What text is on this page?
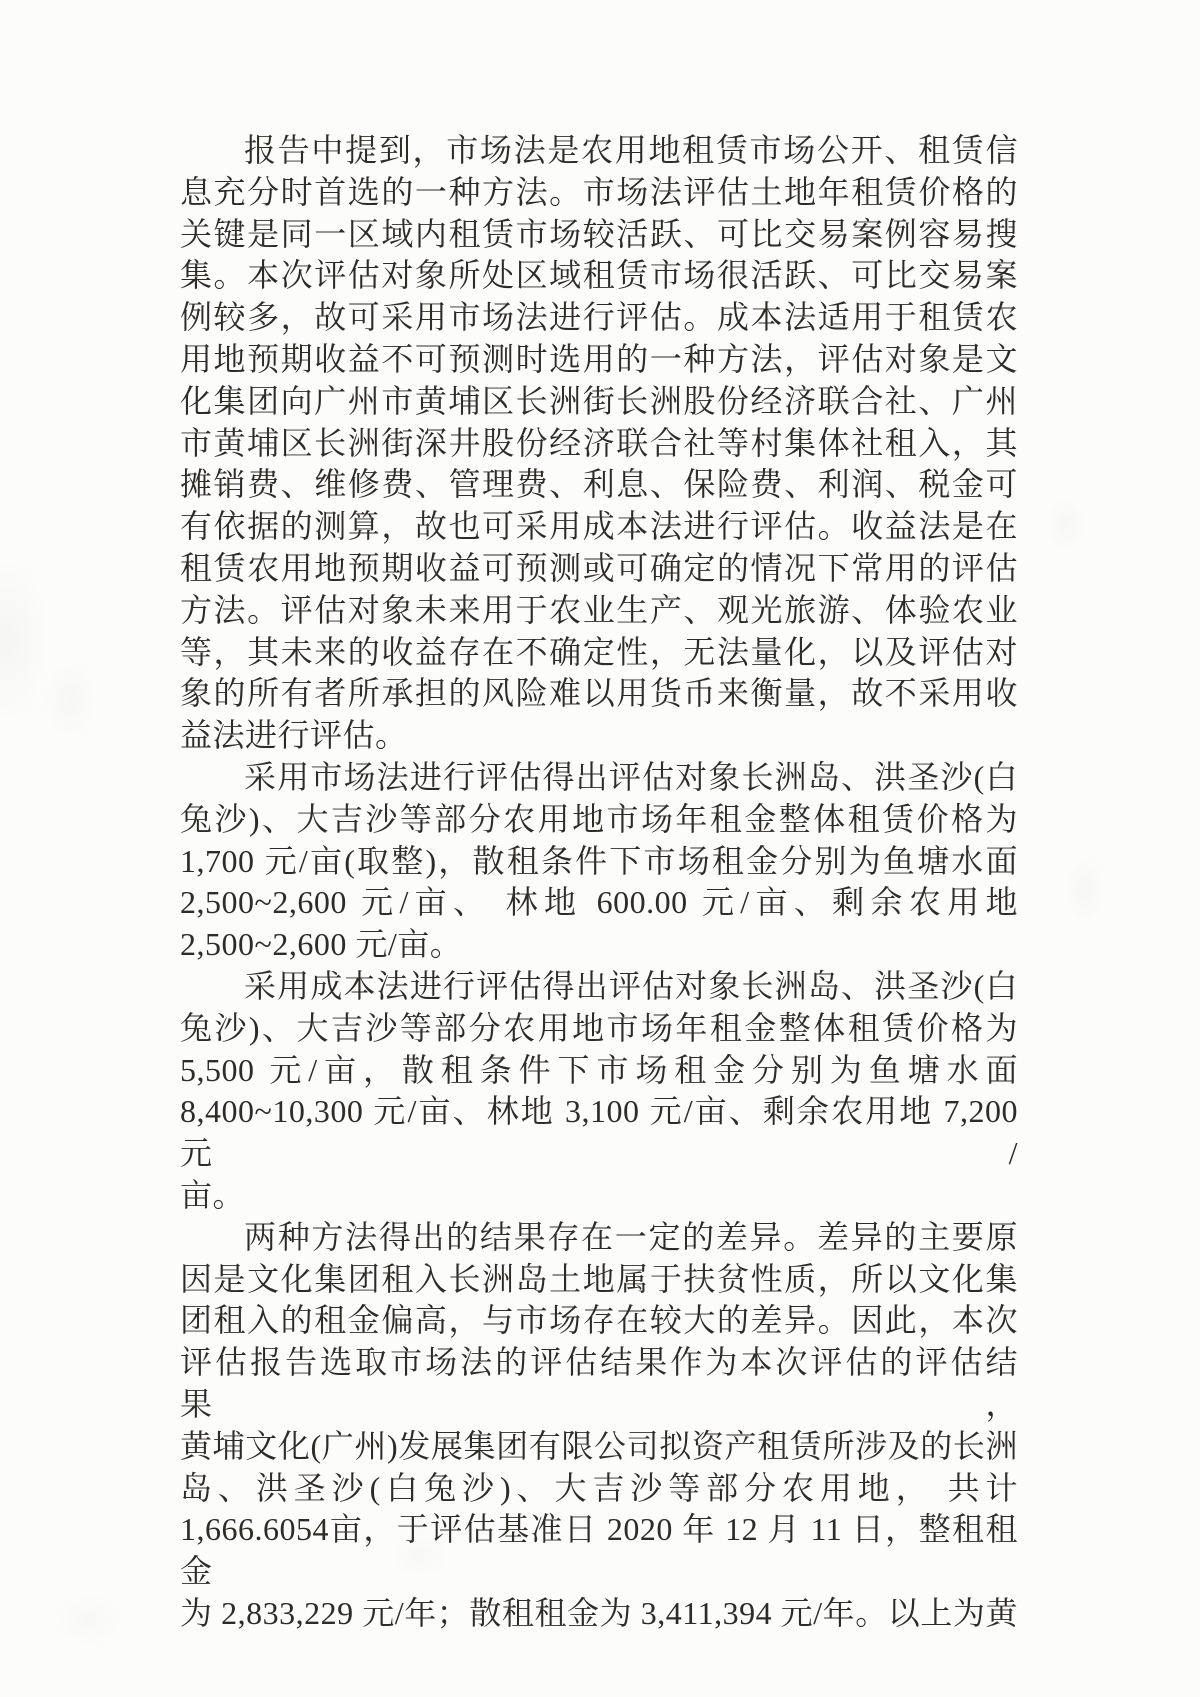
报告中提到，市场法是农用地租赁市场公开、租赁信
息充分时首选的一种方法。市场法评估土地年租赁价格的
关键是同一区域内租赁市场较活跃、可比交易案例容易搜
集。本次评估对象所处区域租赁市场很活跃、可比交易案
例较多，故可采用市场法进行评估。成本法适用于租赁农
用地预期收益不可预测时选用的一种方法，评估对象是文
化集团向广州市黄埔区长洲街长洲股份经济联合社、广州
市黄埔区长洲街深井股份经济联合社等村集体社租入，其
摊销费、维修费、管理费、利息、保险费、利润、税金可
有依据的测算，故也可采用成本法进行评估。收益法是在
租赁农用地预期收益可预测或可确定的情况下常用的评估
方法。评估对象未来用于农业生产、观光旅游、体验农业
等，其未来的收益存在不确定性，无法量化，以及评估对
象的所有者所承担的风险难以用货币来衡量，故不采用收
益法进行评估。
采用市场法进行评估得出评估对象长洲岛、洪圣沙(白
兔沙)、大吉沙等部分农用地市场年租金整体租赁价格为
1,700 元/亩(取整)，散租条件下市场租金分别为鱼塘水面
2,500~2,600 元/亩、 林地 600.00 元/亩、剩余农用地
2,500~2,600 元/亩。
采用成本法进行评估得出评估对象长洲岛、洪圣沙(白
兔沙)、大吉沙等部分农用地市场年租金整体租赁价格为
5,500 元/亩，散租条件下市场租金分别为鱼塘水面
8,400~10,300 元/亩、林地 3,100 元/亩、剩余农用地 7,200 元/
亩。
两种方法得出的结果存在一定的差异。差异的主要原
因是文化集团租入长洲岛土地属于扶贫性质，所以文化集
团租入的租金偏高，与市场存在较大的差异。因此，本次
评估报告选取市场法的评估结果作为本次评估的评估结果，
黄埔文化(广州)发展集团有限公司拟资产租赁所涉及的长洲
岛、洪圣沙(白兔沙)、大吉沙等部分农用地， 共计
1,666.6054亩，于评估基准日 2020 年 12 月 11 日，整租租金
为 2,833,229 元/年；散租租金为 3,411,394 元/年。以上为黄
